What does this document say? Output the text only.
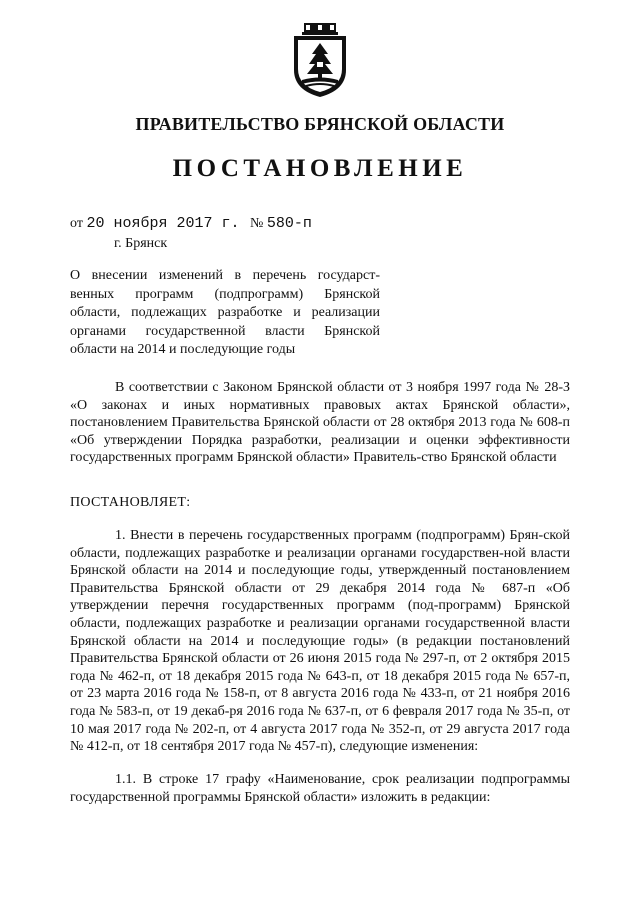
ПРАВИТЕЛЬСТВО БРЯНСКОЙ ОБЛАСТИ
ПОСТАНОВЛЕНИЕ
от 20 ноября 2017 г. № 580-п
г. Брянск
О внесении изменений в перечень государст-венных программ (подпрограмм) Брянской области, подлежащих разработке и реализации органами государственной власти Брянской области на 2014 и последующие годы

В соответствии с Законом Брянской области от 3 ноября 1997 года № 28-З «О законах и иных нормативных правовых актах Брянской области», постановлением Правительства Брянской области от 28 октября 2013 года № 608-п «Об утверждении Порядка разработки, реализации и оценки эффективности государственных программ Брянской области» Правитель-ство Брянской области

ПОСТАНОВЛЯЕТ:

1. Внести в перечень государственных программ (подпрограмм) Брян-ской области, подлежащих разработке и реализации органами государствен-ной власти Брянской области на 2014 и последующие годы, утвержденный постановлением Правительства Брянской области от 29 декабря 2014 года № 687-п «Об утверждении перечня государственных программ (под-программ) Брянской области, подлежащих разработке и реализации органами государственной власти Брянской области на 2014 и последующие годы» (в редакции постановлений Правительства Брянской области от 26 июня 2015 года № 297-п, от 2 октября 2015 года № 462-п, от 18 декабря 2015 года № 643-п, от 18 декабря 2015 года № 657-п, от 23 марта 2016 года № 158-п, от 8 августа 2016 года № 433-п, от 21 ноября 2016 года № 583-п, от 19 декаб-ря 2016 года № 637-п, от 6 февраля 2017 года № 35-п, от 10 мая 2017 года № 202-п, от 4 августа 2017 года № 352-п, от 29 августа 2017 года № 412-п, от 18 сентября 2017 года № 457-п), следующие изменения:

1.1. В строке 17 графу «Наименование, срок реализации подпрограммы государственной программы Брянской области» изложить в редакции:
